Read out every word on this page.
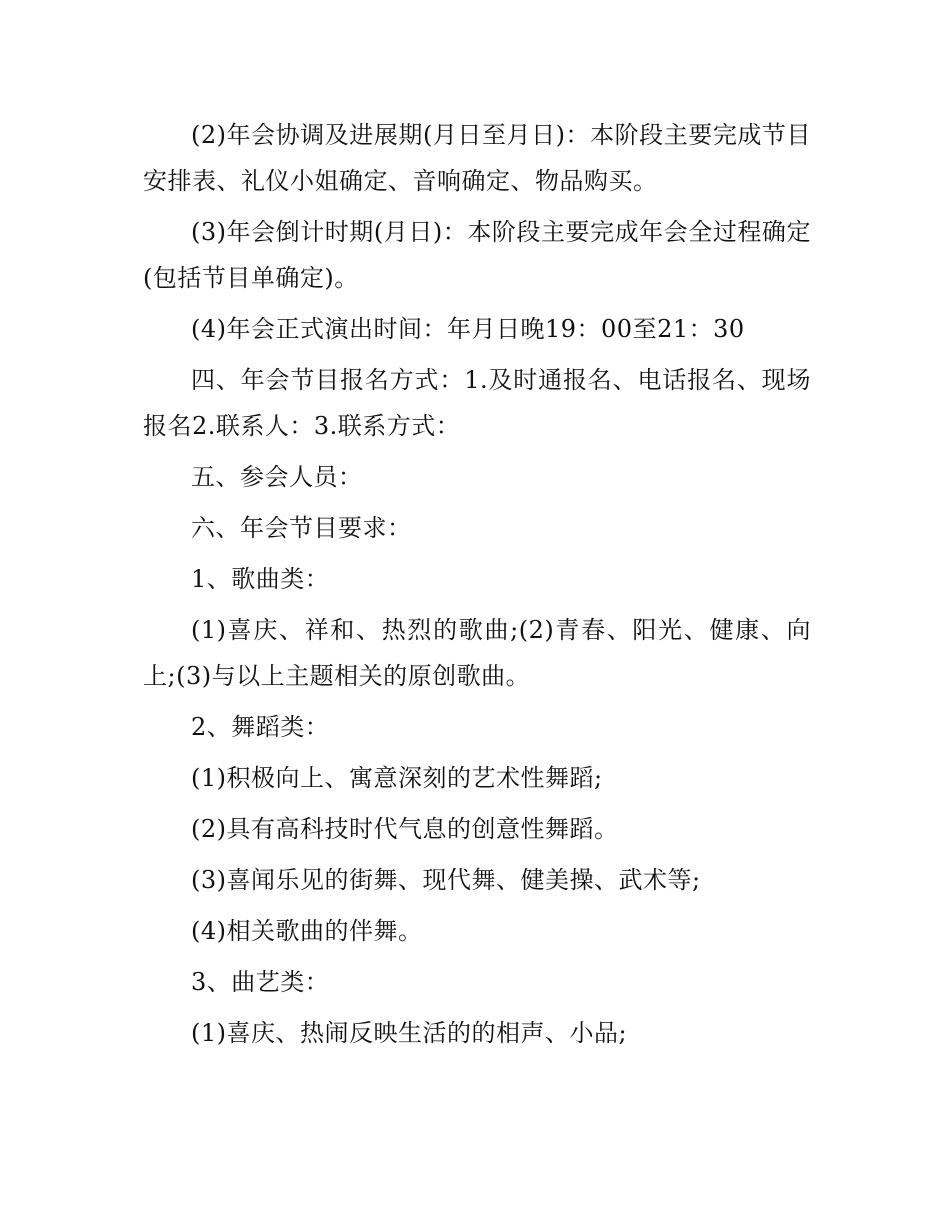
(2)年会协调及进展期(月日至月日)：本阶段主要完成节目安排表、礼仪小姐确定、音响确定、物品购买。

(3)年会倒计时期(月日)：本阶段主要完成年会全过程确定(包括节目单确定)。

(4)年会正式演出时间：年月日晚19：00至21：30

四、年会节目报名方式：1.及时通报名、电话报名、现场报名2.联系人：3.联系方式：

五、参会人员：

六、年会节目要求：

1、歌曲类：

(1)喜庆、祥和、热烈的歌曲;(2)青春、阳光、健康、向上;(3)与以上主题相关的原创歌曲。

2、舞蹈类：

(1)积极向上、寓意深刻的艺术性舞蹈;

(2)具有高科技时代气息的创意性舞蹈。

(3)喜闻乐见的街舞、现代舞、健美操、武术等;

(4)相关歌曲的伴舞。

3、曲艺类：

(1)喜庆、热闹反映生活的的相声、小品;
